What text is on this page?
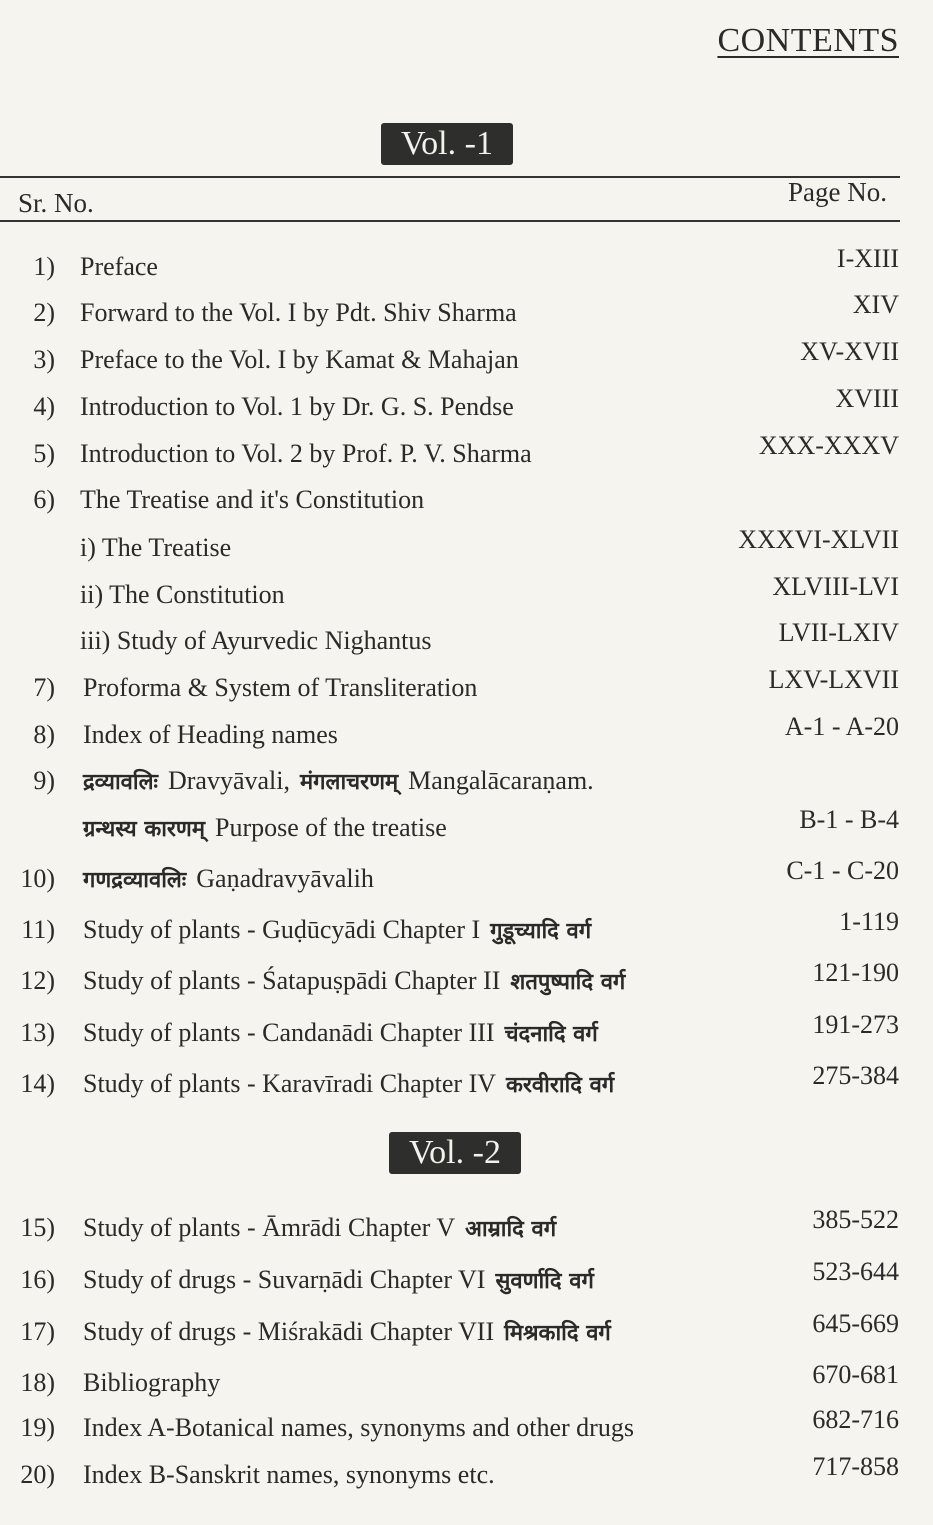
CONTENTS
Vol. -1
Sr. No.	Page No.
Vol. -2
1) Preface	I-XIII
2) Forward to the Vol. I by Pdt. Shiv Sharma	XIV
3) Preface to the Vol. I by Kamat & Mahajan	XV-XVII
4) Introduction to Vol. 1 by Dr. G. S. Pendse	XVIII
5) Introduction to Vol. 2 by Prof. P. V. Sharma	XXX-XXXV
6) The Treatise and it's Constitution
i) The Treatise	XXXVI-XLVII
ii) The Constitution	XLVIII-LVI
iii) Study of Ayurvedic Nighantus	LVII-LXIV
7) Proforma & System of Transliteration	LXV-LXVII
8) Index of Heading names	A-1 - A-20
9) द्रव्यावलिः Dravyāvali, मंगलाचरणम् Mangalācaraṇam.
ग्रन्थस्य कारणम् Purpose of the treatise	B-1 - B-4
10) गणद्रव्यावलिः Gaṇadravyāvalih	C-1 - C-20
11) Study of plants - Guḍūcyādi Chapter I गुडूच्यादि वर्ग	1-119
12) Study of plants - Śatapuṣpādi Chapter II शतपुष्पादि वर्ग	121-190
13) Study of plants - Candanādi Chapter III चंदनादि वर्ग	191-273
14) Study of plants - Karavīradi Chapter IV करवीरादि वर्ग	275-384
15) Study of plants - Āmrādi Chapter V आम्रादि वर्ग	385-522
16) Study of drugs - Suvarṇādi Chapter VI सुवर्णादि वर्ग	523-644
17) Study of drugs - Miśrakādi Chapter VII मिश्रकादि वर्ग	645-669
18) Bibliography	670-681
19) Index A-Botanical names, synonyms and other drugs	682-716
20) Index B-Sanskrit names, synonyms etc.	717-858
